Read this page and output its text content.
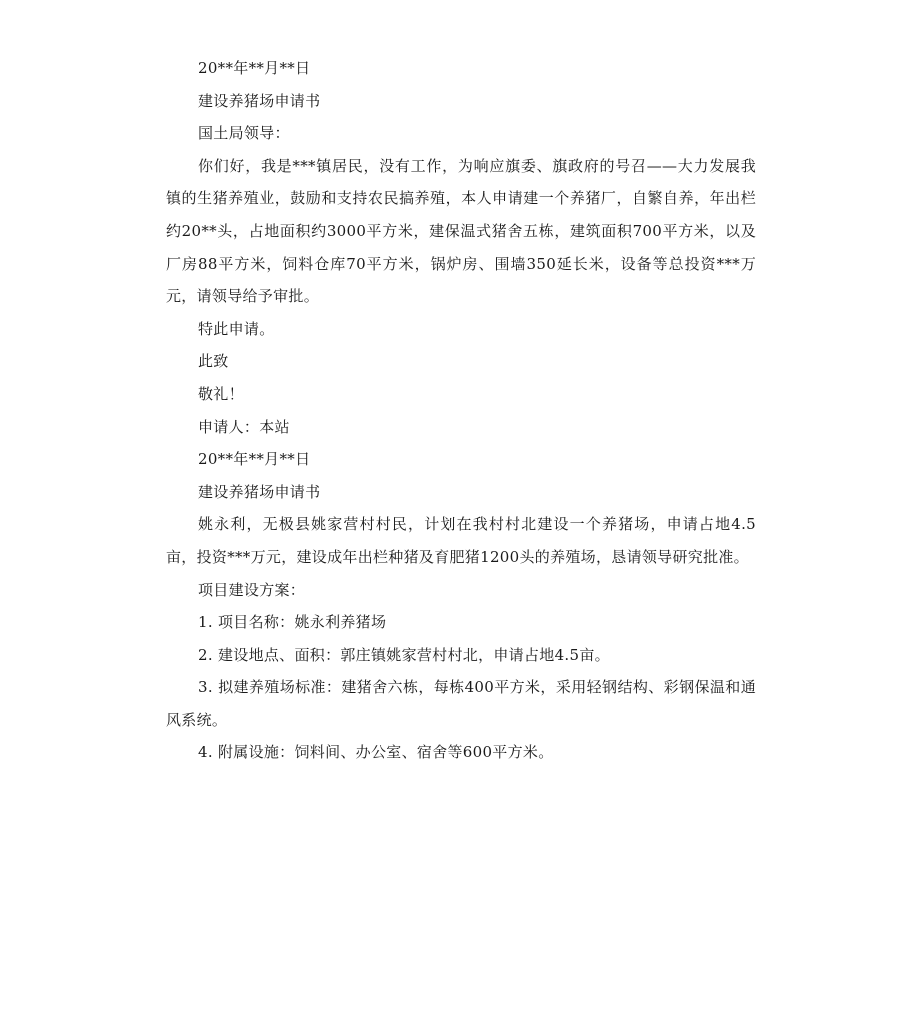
20**年**月**日

建设养猪场申请书

国土局领导：

你们好，我是***镇居民，没有工作，为响应旗委、旗政府的号召——大力发展我镇的生猪养殖业，鼓励和支持农民搞养殖，本人申请建一个养猪厂，自繁自养，年出栏约20**头，占地面积约3000平方米，建保温式猪舍五栋，建筑面积700平方米，以及厂房88平方米，饲料仓库70平方米，锅炉房、围墙350延长米，设备等总投资***万元，请领导给予审批。

特此申请。

此致

敬礼！

申请人：本站

20**年**月**日

建设养猪场申请书

姚永利，无极县姚家营村村民，计划在我村村北建设一个养猪场，申请占地4.5亩，投资***万元，建设成年出栏种猪及育肥猪1200头的养殖场，恳请领导研究批准。

项目建设方案：

1. 项目名称：姚永利养猪场

2. 建设地点、面积：郭庄镇姚家营村村北，申请占地4.5亩。

3. 拟建养殖场标准：建猪舍六栋，每栋400平方米，采用轻钢结构、彩钢保温和通风系统。

4. 附属设施：饲料间、办公室、宿舍等600平方米。
